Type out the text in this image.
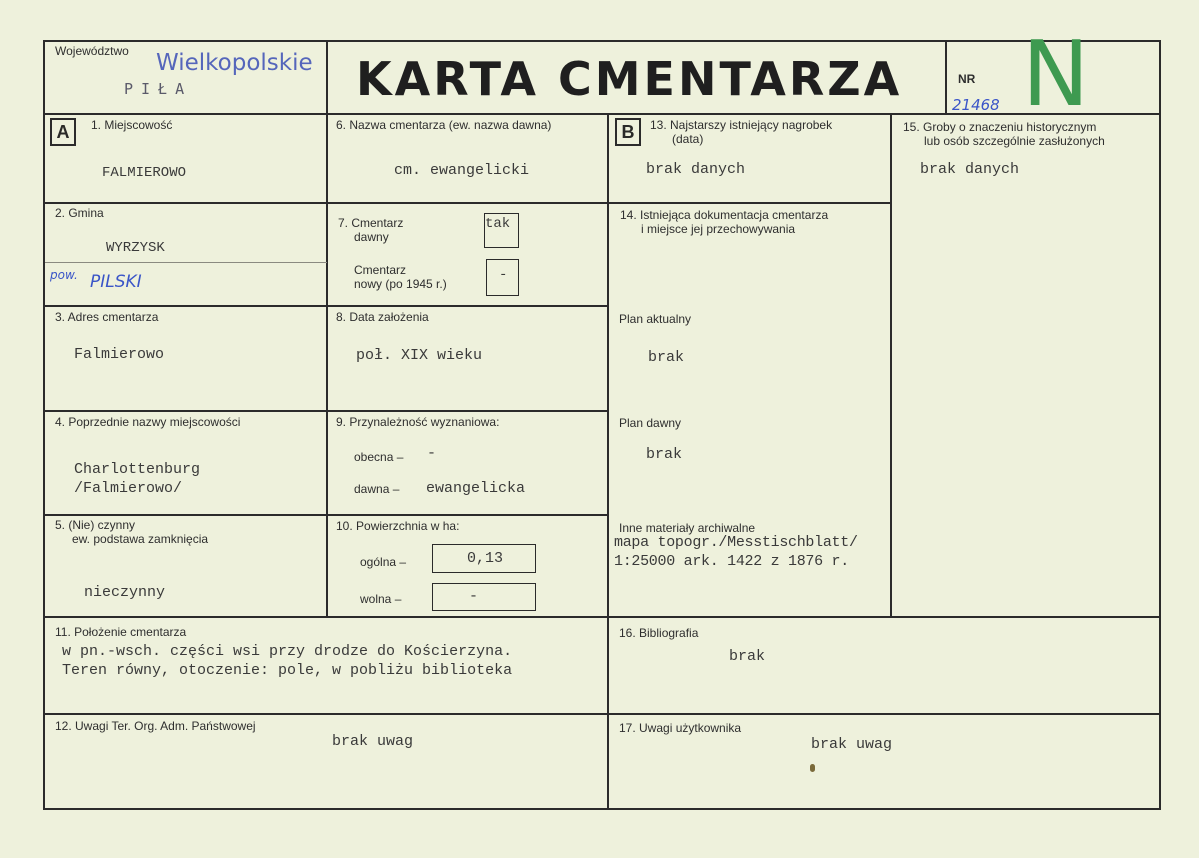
Województwo Wielkopolskie
PIŁA	KARTA CMENTARZA	NR
21468 N
A	1. Miejscowość
FALMIEROWO
2. Gmina
WYRZYSK
pow. PILSKI
3. Adres cmentarza
Falmierowo
4. Poprzednie nazwy miejscowości
Charlottenburg
/Falmierowo/
5. (Nie) czynny
ew. podstawa zamknięcia
nieczynny
6. Nazwa cmentarza (ew. nazwa dawna)
cm. ewangelicki
7. Cmentarz
dawny
tak
Cmentarz
nowy (po 1945 r.)
-
8. Data założenia
poł. XIX wieku
9. Przynależność wyznaniowa:
obecna – -
dawna – ewangelicka
10. Powierzchnia w ha:
ogólna –	0,13
wolna –	-
B	13. Najstarszy istniejący nagrobek
(data)
brak danych
14. Istniejąca dokumentacja cmentarza
i miejsce jej przechowywania
Plan aktualny
brak
Plan dawny
brak
Inne materiały archiwalne
mapa topogr./Messtischblatt/
1:25000 ark. 1422 z 1876 r.
15. Groby o znaczeniu historycznym
lub osób szczególnie zasłużonych
brak danych
11. Położenie cmentarza
w pn.-wsch. części wsi przy drodze do Kościerzyna.
Teren równy, otoczenie: pole, w pobliżu biblioteka
16. Bibliografia
brak
12. Uwagi Ter. Org. Adm. Państwowej
brak uwag
17. Uwagi użytkownika
brak uwag
